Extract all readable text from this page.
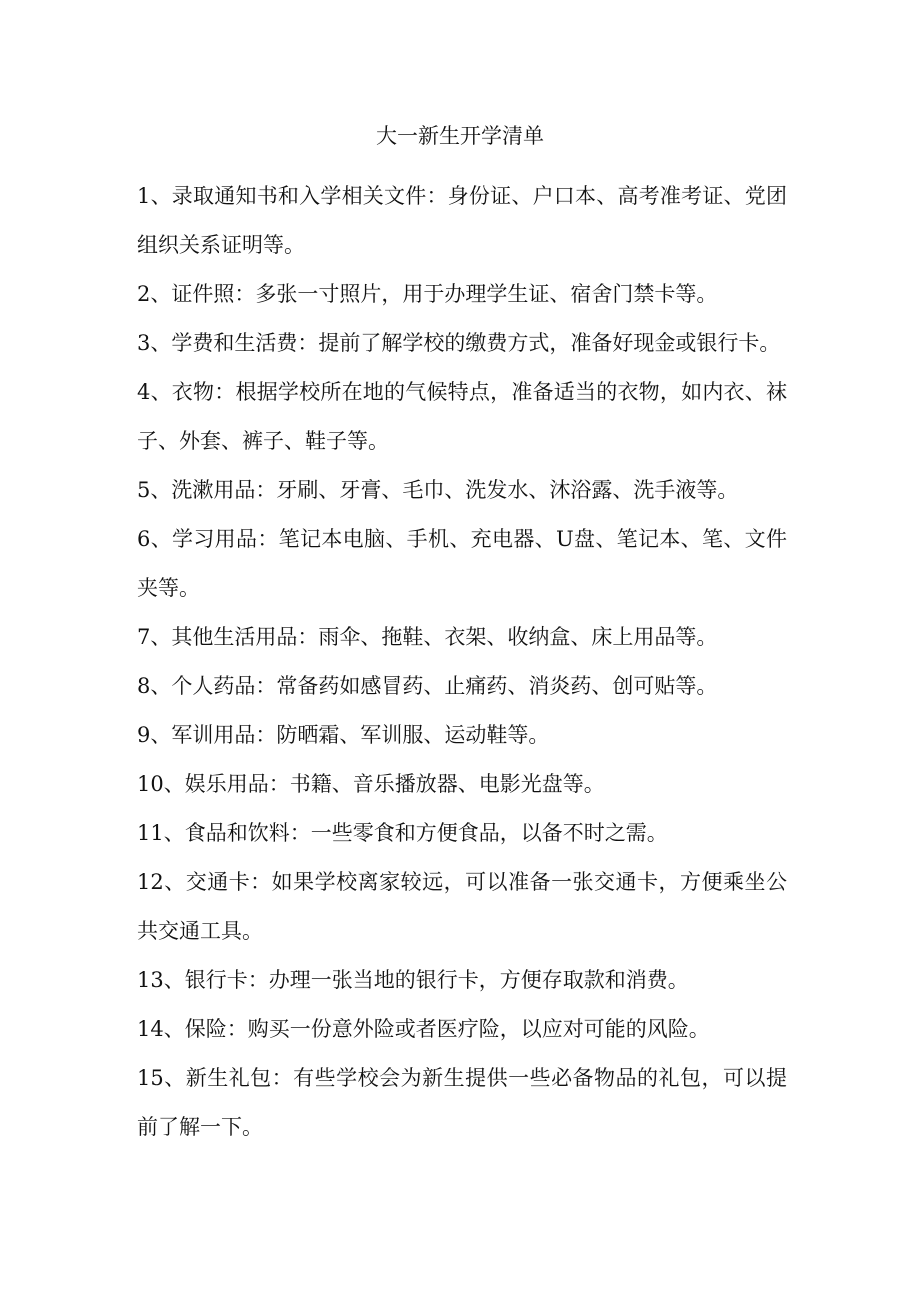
大一新生开学清单
1、录取通知书和入学相关文件：身份证、户口本、高考准考证、党团组织关系证明等。
2、证件照：多张一寸照片，用于办理学生证、宿舍门禁卡等。
3、学费和生活费：提前了解学校的缴费方式，准备好现金或银行卡。
4、衣物：根据学校所在地的气候特点，准备适当的衣物，如内衣、袜子、外套、裤子、鞋子等。
5、洗漱用品：牙刷、牙膏、毛巾、洗发水、沐浴露、洗手液等。
6、学习用品：笔记本电脑、手机、充电器、U盘、笔记本、笔、文件夹等。
7、其他生活用品：雨伞、拖鞋、衣架、收纳盒、床上用品等。
8、个人药品：常备药如感冒药、止痛药、消炎药、创可贴等。
9、军训用品：防晒霜、军训服、运动鞋等。
10、娱乐用品：书籍、音乐播放器、电影光盘等。
11、食品和饮料：一些零食和方便食品，以备不时之需。
12、交通卡：如果学校离家较远，可以准备一张交通卡，方便乘坐公共交通工具。
13、银行卡：办理一张当地的银行卡，方便存取款和消费。
14、保险：购买一份意外险或者医疗险，以应对可能的风险。
15、新生礼包：有些学校会为新生提供一些必备物品的礼包，可以提前了解一下。
